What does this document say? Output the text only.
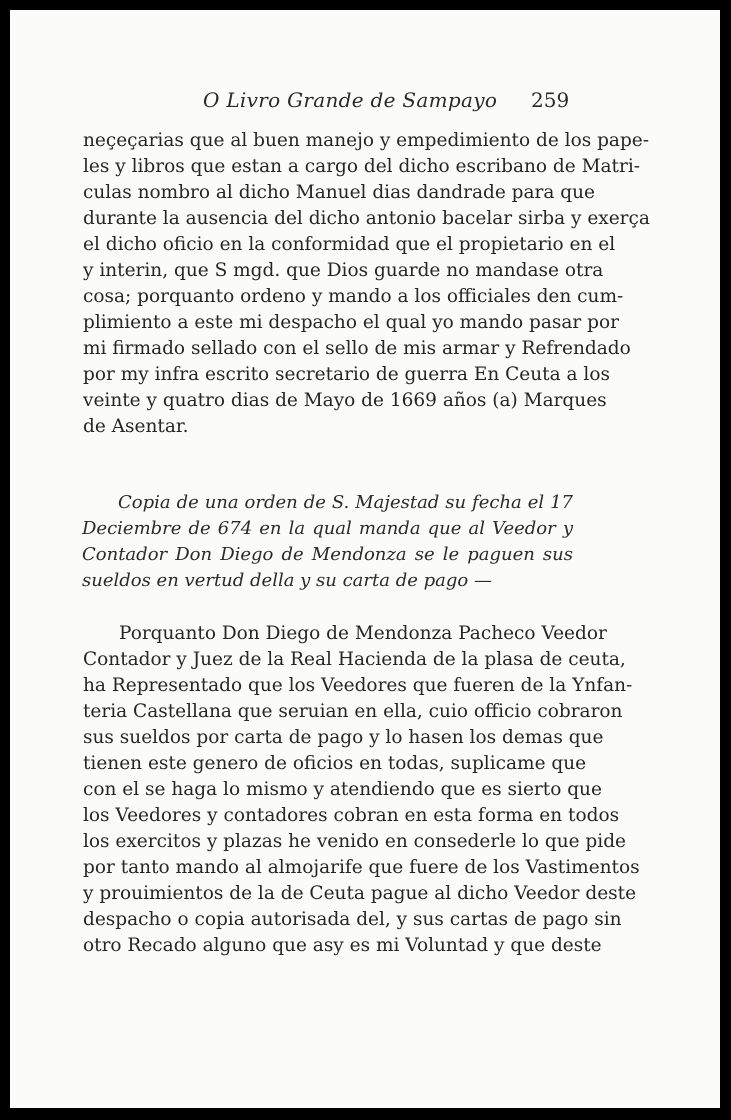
O Livro Grande de Sampayo 259
neçeçarias que al buen manejo y empedimiento de los pape-
les y libros que estan a cargo del dicho escribano de Matri-
culas nombro al dicho Manuel dias dandrade para que
durante la ausencia del dicho antonio bacelar sirba y exerça
el dicho oficio en la conformidad que el propietario en el
y interin, que S mgd. que Dios guarde no mandase otra
cosa; porquanto ordeno y mando a los officiales den cum-
plimiento a este mi despacho el qual yo mando pasar por
mi firmado sellado con el sello de mis armar y Refrendado
por my infra escrito secretario de guerra En Ceuta a los
veinte y quatro dias de Mayo de 1669 años (a) Marques
de Asentar.
Copia de una orden de S. Majestad su fecha el 17
Deciembre de 674 en la qual manda que al Veedor y
Contador Don Diego de Mendonza se le paguen sus
sueldos en vertud della y su carta de pago —
Porquanto Don Diego de Mendonza Pacheco Veedor
Contador y Juez de la Real Hacienda de la plasa de ceuta,
ha Representado que los Veedores que fueren de la Ynfan-
teria Castellana que seruian en ella, cuio officio cobraron
sus sueldos por carta de pago y lo hasen los demas que
tienen este genero de oficios en todas, suplicame que
con el se haga lo mismo y atendiendo que es sierto que
los Veedores y contadores cobran en esta forma en todos
los exercitos y plazas he venido en consederle lo que pide
por tanto mando al almojarife que fuere de los Vastimentos
y prouimientos de la de Ceuta pague al dicho Veedor deste
despacho o copia autorisada del, y sus cartas de pago sin
otro Recado alguno que asy es mi Voluntad y que deste
